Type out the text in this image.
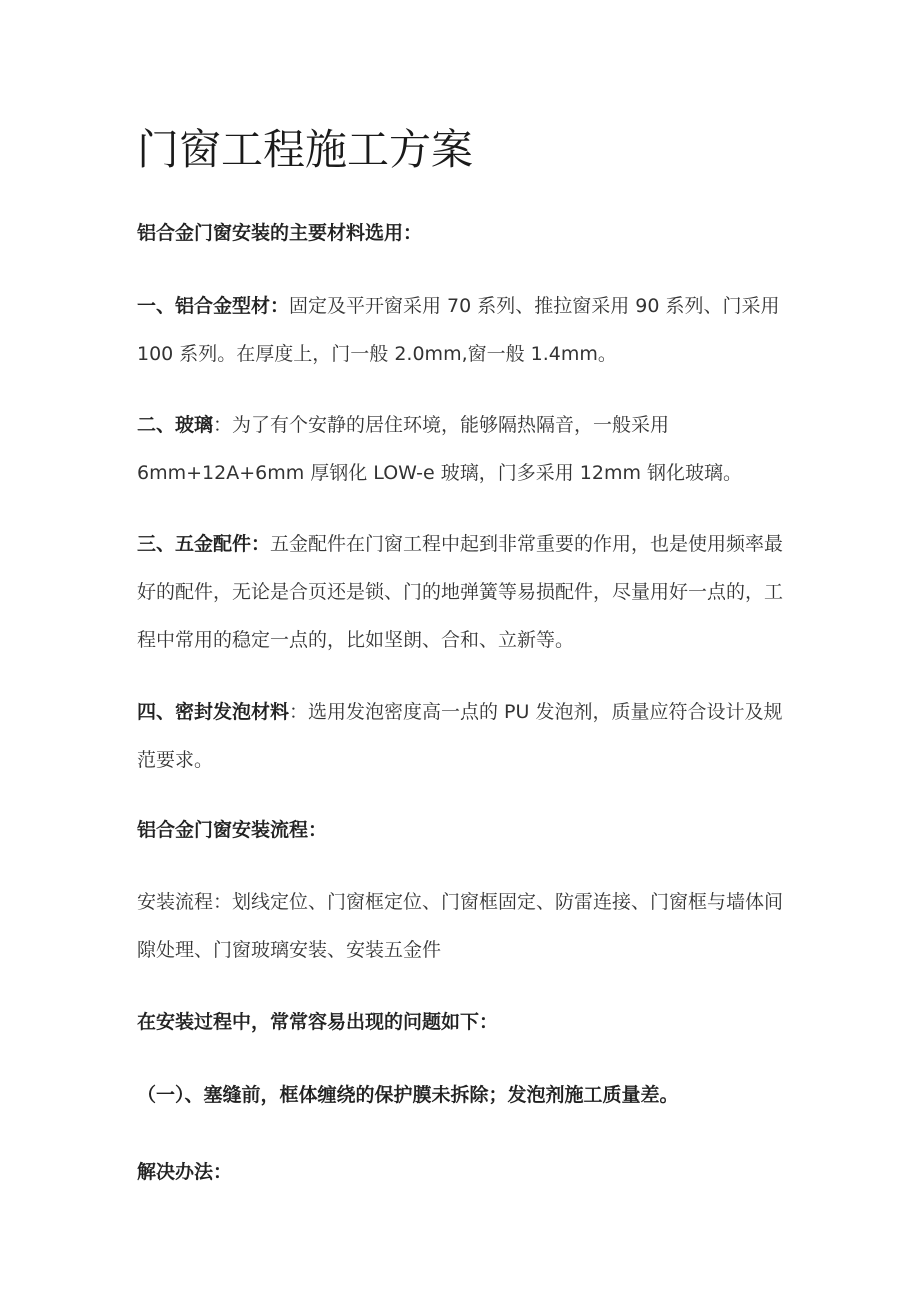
门窗工程施工方案

铝合金门窗安装的主要材料选用：

一、铝合金型材：固定及平开窗采用 70 系列、推拉窗采用 90 系列、门采用 100 系列。在厚度上，门一般 2.0mm,窗一般 1.4mm。

二、玻璃：为了有个安静的居住环境，能够隔热隔音，一般采用 6mm+12A+6mm 厚钢化 LOW-e 玻璃，门多采用 12mm 钢化玻璃。

三、五金配件：五金配件在门窗工程中起到非常重要的作用，也是使用频率最好的配件，无论是合页还是锁、门的地弹簧等易损配件，尽量用好一点的，工程中常用的稳定一点的，比如坚朗、合和、立新等。

四、密封发泡材料：选用发泡密度高一点的 PU 发泡剂，质量应符合设计及规范要求。

铝合金门窗安装流程：

安装流程：划线定位、门窗框定位、门窗框固定、防雷连接、门窗框与墙体间隙处理、门窗玻璃安装、安装五金件

在安装过程中，常常容易出现的问题如下：

（一）、塞缝前，框体缠绕的保护膜未拆除；发泡剂施工质量差。

解决办法：
